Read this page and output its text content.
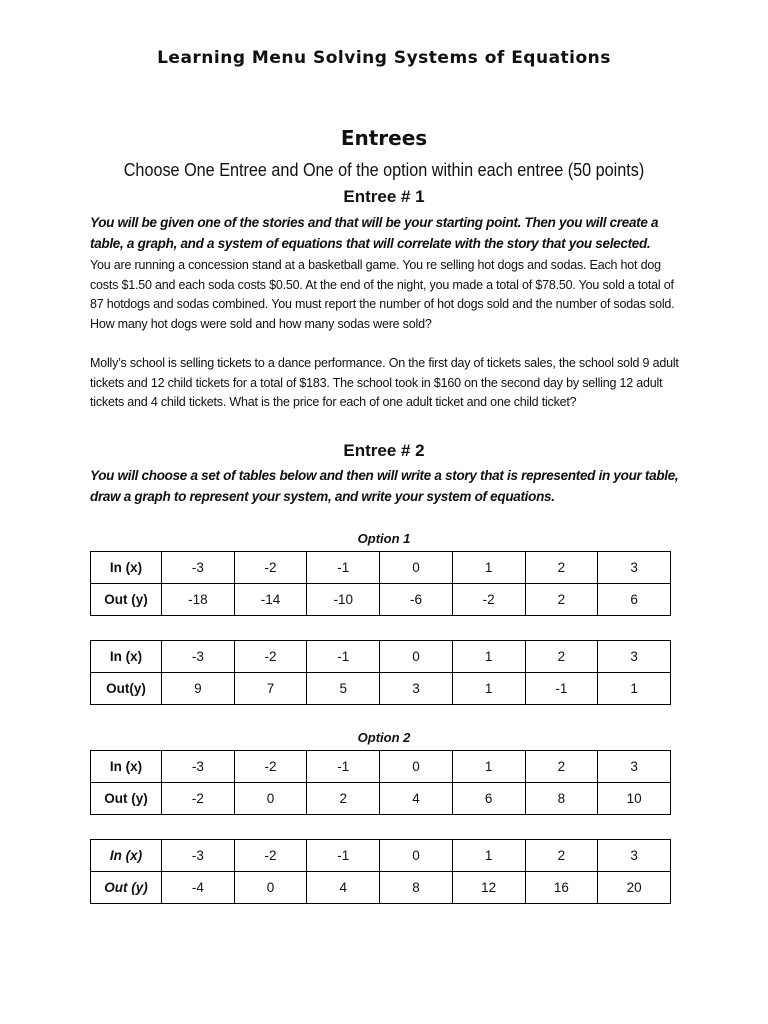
Learning Menu Solving Systems of Equations
Entrees
Choose One Entree and One of the option within each entree (50 points)
Entree # 1
You will be given one of the stories and that will be your starting point. Then you will create a table, a graph, and a system of equations that will correlate with the story that you selected.
You are running a concession stand at a basketball game. You re selling hot dogs and sodas. Each hot dog costs $1.50 and each soda costs $0.50. At the end of the night, you made a total of $78.50. You sold a total of 87 hotdogs and sodas combined. You must report the number of hot dogs sold and the number of sodas sold. How many hot dogs were sold and how many sodas were sold?
Molly’s school is selling tickets to a dance performance. On the first day of tickets sales, the school sold 9 adult tickets and 12 child tickets for a total of $183. The school took in $160 on the second day by selling 12 adult tickets and 4 child tickets. What is the price for each of one adult ticket and one child ticket?
Entree # 2
You will choose a set of tables below and then will write a story that is represented in your table, draw a graph to represent your system, and write your system of equations.
Option 1
In (x)	-3	-2	-1	0	1	2	3
Out (y)	-18	-14	-10	-6	-2	2	6
In (x)	-3	-2	-1	0	1	2	3
Out(y)	9	7	5	3	1	-1	1
Option 2
In (x)	-3	-2	-1	0	1	2	3
Out (y)	-2	0	2	4	6	8	10
In (x)	-3	-2	-1	0	1	2	3
Out (y)	-4	0	4	8	12	16	20
